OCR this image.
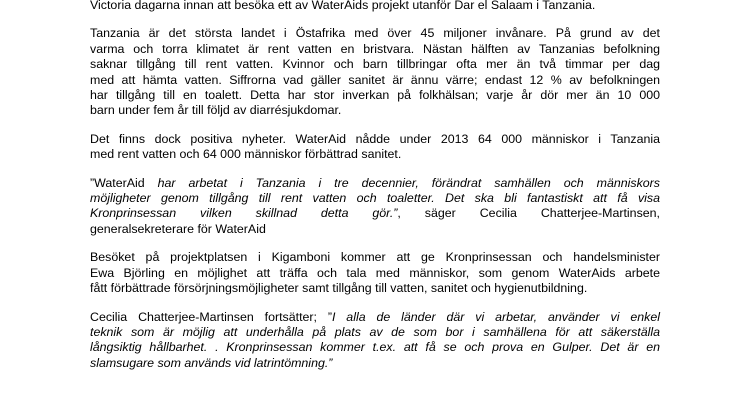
Victoria dagarna innan att besöka ett av WaterAids projekt utanför Dar el Salaam i Tanzania.

Tanzania är det största landet i Östafrika med över 45 miljoner invånare. På grund av det
varma och torra klimatet är rent vatten en bristvara. Nästan hälften av Tanzanias befolkning
saknar tillgång till rent vatten. Kvinnor och barn tillbringar ofta mer än två timmar per dag
med att hämta vatten. Siffrorna vad gäller sanitet är ännu värre; endast 12 % av befolkningen
har tillgång till en toalett. Detta har stor inverkan på folkhälsan; varje år dör mer än 10 000
barn under fem år till följd av diarrésjukdomar.

Det finns dock positiva nyheter. WaterAid nådde under 2013 64 000 människor i Tanzania
med rent vatten och 64 000 människor förbättrad sanitet.

”WaterAid har arbetat i Tanzania i tre decennier, förändrat samhällen och människors
möjligheter genom tillgång till rent vatten och toaletter. Det ska bli fantastiskt att få visa
Kronprinsessan vilken skillnad detta gör.”, säger Cecilia Chatterjee-Martinsen,
generalsekreterare för WaterAid

Besöket på projektplatsen i Kigamboni kommer att ge Kronprinsessan och handelsminister
Ewa Björling en möjlighet att träffa och tala med människor, som genom WaterAids arbete
fått förbättrade försörjningsmöjligheter samt tillgång till vatten, sanitet och hygienutbildning.

Cecilia Chatterjee-Martinsen fortsätter; ”I alla de länder där vi arbetar, använder vi enkel
teknik som är möjlig att underhålla på plats av de som bor i samhällena för att säkerställa
långsiktig hållbarhet. . Kronprinsessan kommer t.ex. att få se och prova en Gulper. Det är en
slamsugare som används vid latrintömning.”
